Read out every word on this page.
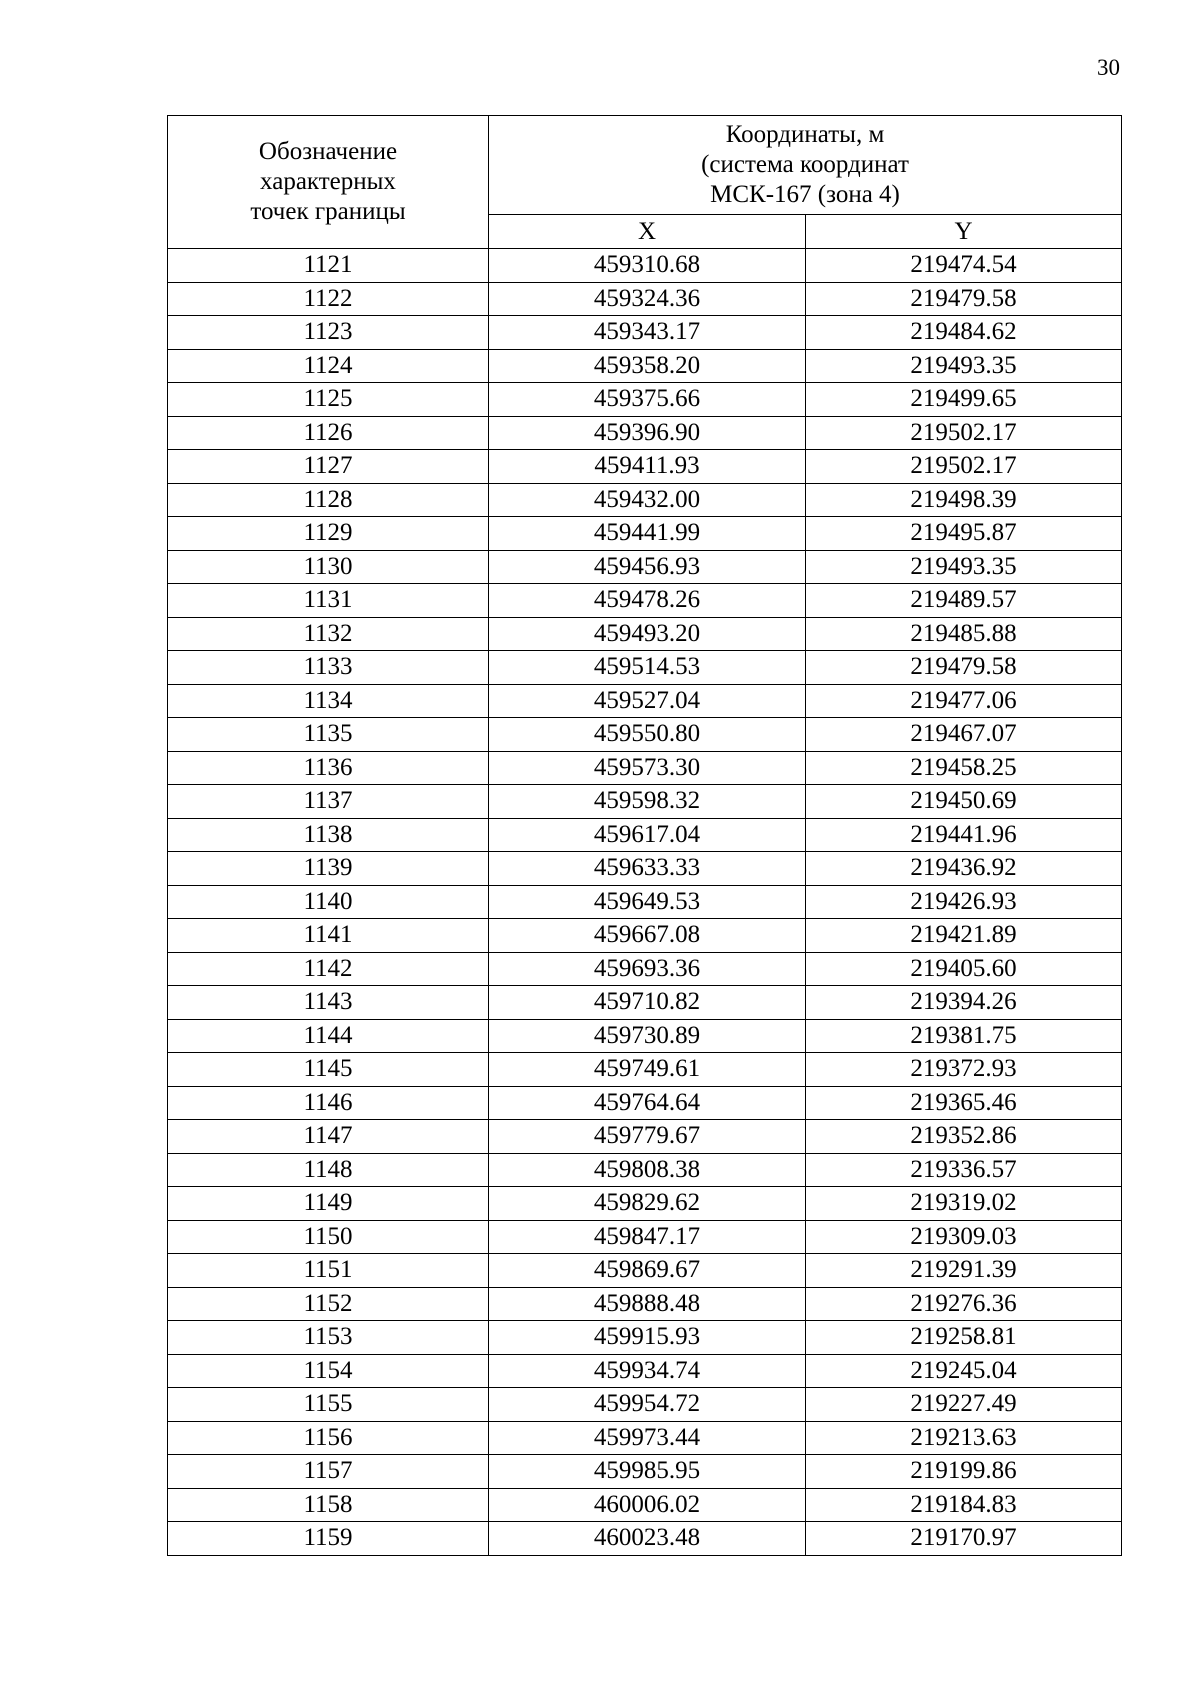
30
Обозначение
характерных
точек границы	Координаты, м
(система координат
МСК-167 (зона 4)	

	X	Y
1121	459310.68	219474.54
1122	459324.36	219479.58
1123	459343.17	219484.62
1124	459358.20	219493.35
1125	459375.66	219499.65
1126	459396.90	219502.17
1127	459411.93	219502.17
1128	459432.00	219498.39
1129	459441.99	219495.87
1130	459456.93	219493.35
1131	459478.26	219489.57
1132	459493.20	219485.88
1133	459514.53	219479.58
1134	459527.04	219477.06
1135	459550.80	219467.07
1136	459573.30	219458.25
1137	459598.32	219450.69
1138	459617.04	219441.96
1139	459633.33	219436.92
1140	459649.53	219426.93
1141	459667.08	219421.89
1142	459693.36	219405.60
1143	459710.82	219394.26
1144	459730.89	219381.75
1145	459749.61	219372.93
1146	459764.64	219365.46
1147	459779.67	219352.86
1148	459808.38	219336.57
1149	459829.62	219319.02
1150	459847.17	219309.03
1151	459869.67	219291.39
1152	459888.48	219276.36
1153	459915.93	219258.81
1154	459934.74	219245.04
1155	459954.72	219227.49
1156	459973.44	219213.63
1157	459985.95	219199.86
1158	460006.02	219184.83
1159	460023.48	219170.97
